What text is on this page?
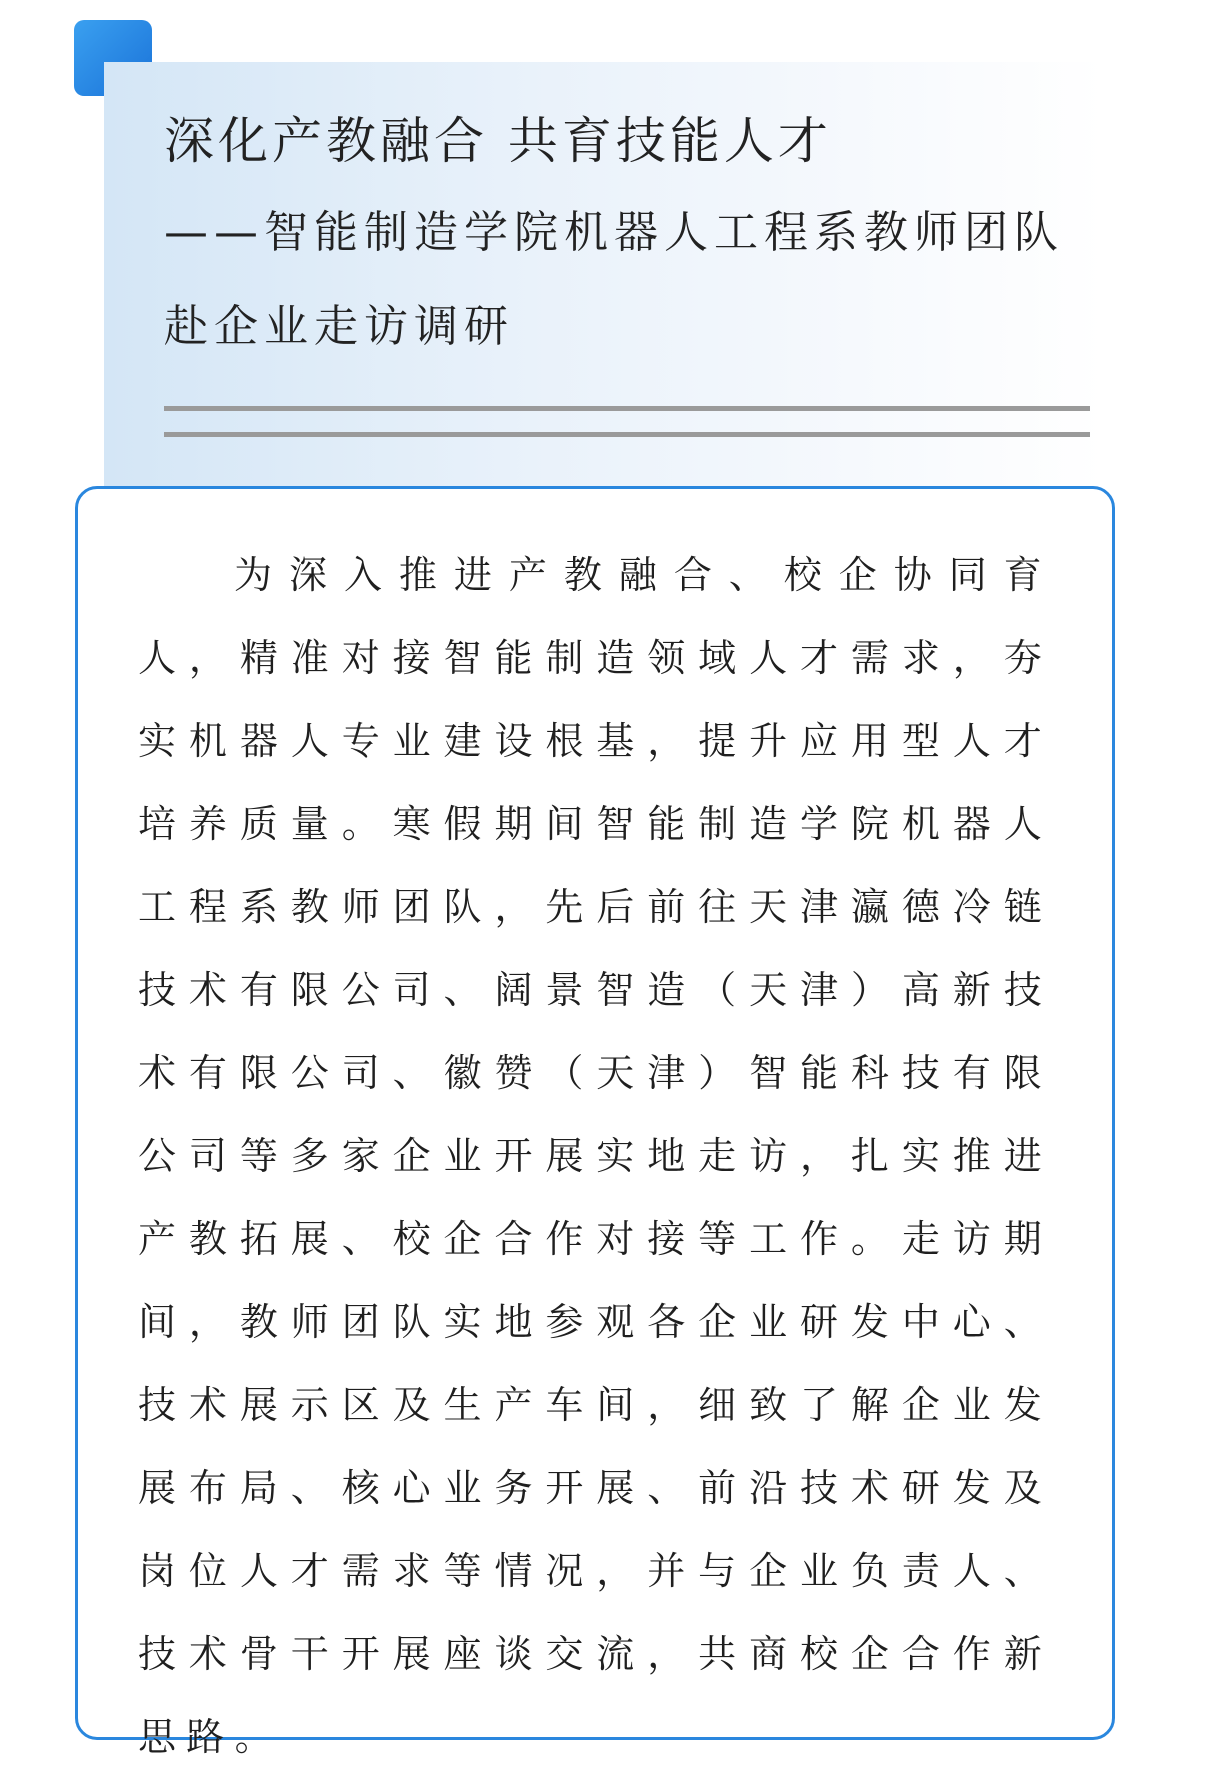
深化产教融合 共育技能人才
——智能制造学院机器人工程系教师团队赴企业走访调研

为深入推进产教融合、校企协同育人，精准对接智能制造领域人才需求，夯实机器人专业建设根基，提升应用型人才培养质量。寒假期间智能制造学院机器人工程系教师团队，先后前往天津瀛德冷链技术有限公司、阔景智造（天津）高新技术有限公司、徽赞（天津）智能科技有限公司等多家企业开展实地走访，扎实推进产教拓展、校企合作对接等工作。走访期间，教师团队实地参观各企业研发中心、技术展示区及生产车间，细致了解企业发展布局、核心业务开展、前沿技术研发及岗位人才需求等情况，并与企业负责人、技术骨干开展座谈交流，共商校企合作新思路。
